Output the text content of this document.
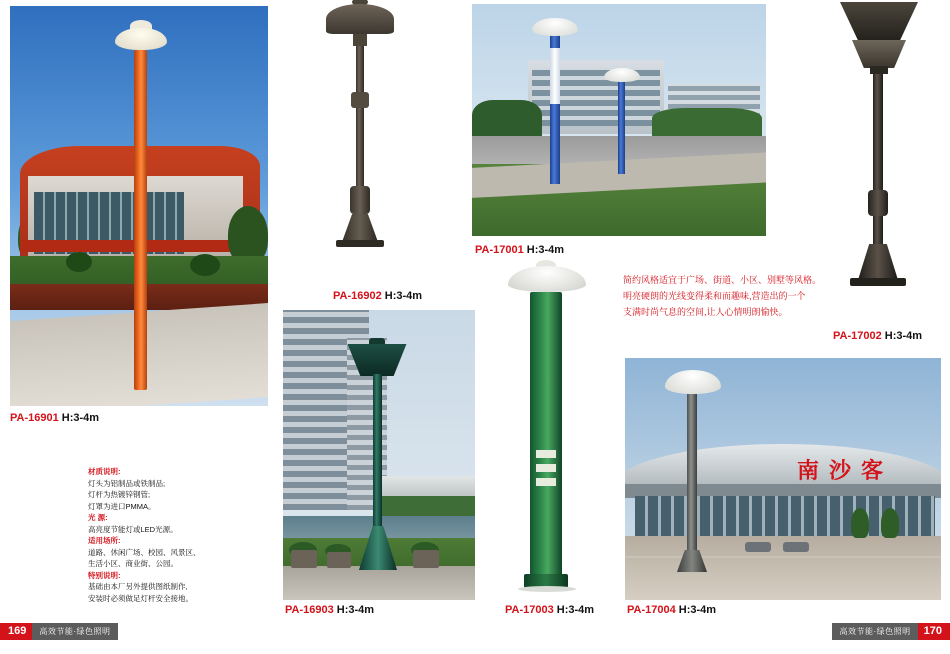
PA-16901 H:3-4m
PA-16902 H:3-4m
PA-17001 H:3-4m
PA-17002 H:3-4m
PA-16903 H:3-4m	PA-17003 H:3-4m
南沙客
PA-17004 H:3-4m
材质说明:
灯头为铝制品或铁制品;
灯杆为热镀锌钢管;
灯罩为进口PMMA。
光 源:
高亮度节能灯或LED光源。
适用场所:
道路、休闲广场、校园、风景区、
生活小区、商业街、公园。
特别说明:
基础由本厂另外提供图纸制作,
安装时必须做足灯杆安全接地。
简约风格适宜于广场、街道、小区、别墅等风格。
明亮硬朗的光线变得柔和而趣味,营造出的一个
支满时尚气息的空间,让人心情明朗愉快。
169	高效节能·绿色照明	高效节能·绿色照明	170
